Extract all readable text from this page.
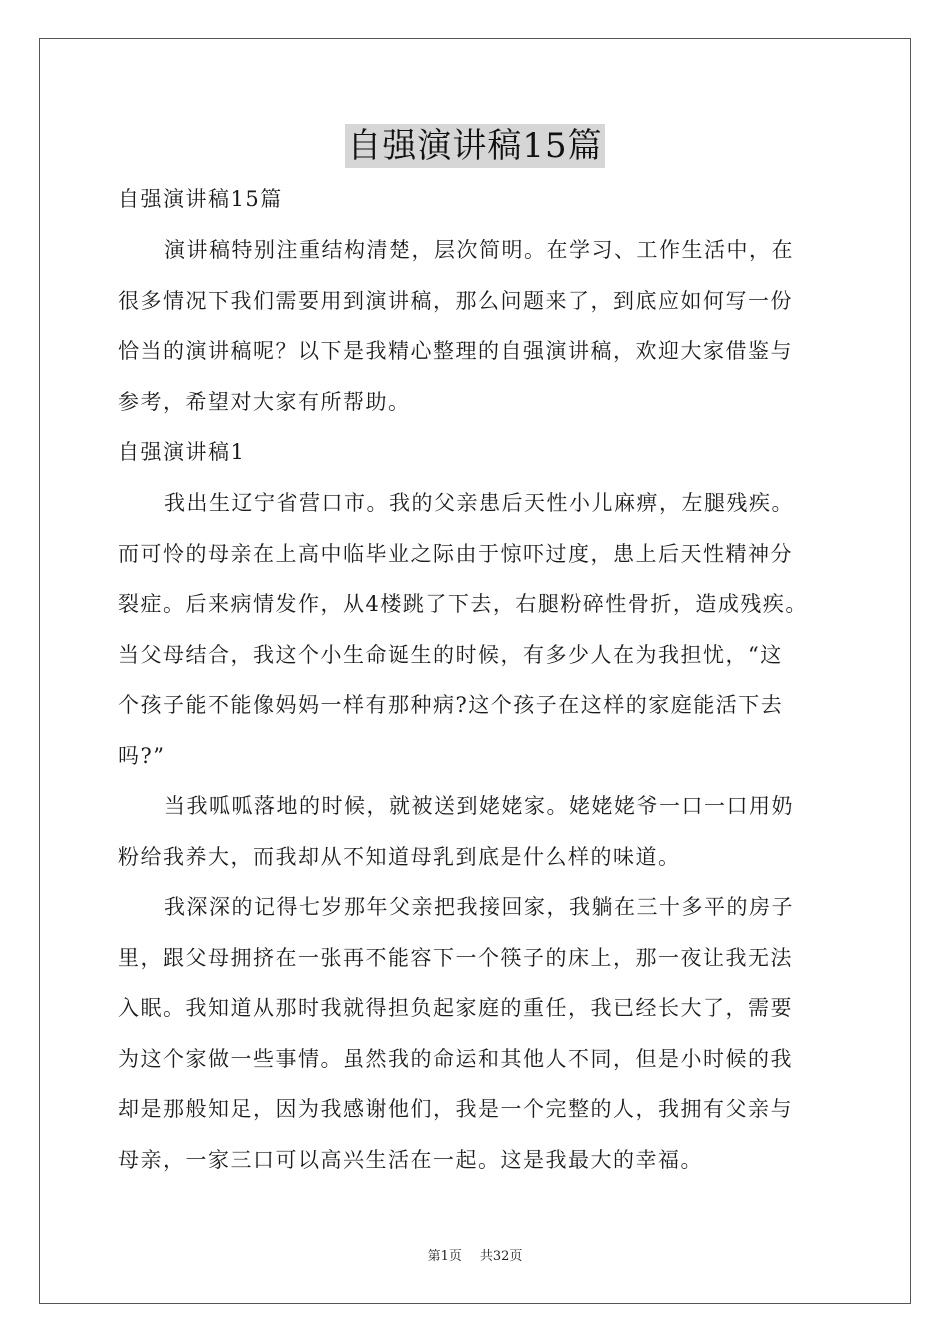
自强演讲稿15篇
自强演讲稿15篇
演讲稿特别注重结构清楚，层次简明。在学习、工作生活中，在
很多情况下我们需要用到演讲稿，那么问题来了，到底应如何写一份
恰当的演讲稿呢？以下是我精心整理的自强演讲稿，欢迎大家借鉴与
参考，希望对大家有所帮助。
自强演讲稿1
我出生辽宁省营口市。我的父亲患后天性小儿麻痹，左腿残疾。
而可怜的母亲在上高中临毕业之际由于惊吓过度，患上后天性精神分
裂症。后来病情发作，从4楼跳了下去，右腿粉碎性骨折，造成残疾。
当父母结合，我这个小生命诞生的时候，有多少人在为我担忧，“这
个孩子能不能像妈妈一样有那种病?这个孩子在这样的家庭能活下去
吗?”
当我呱呱落地的时候，就被送到姥姥家。姥姥姥爷一口一口用奶
粉给我养大，而我却从不知道母乳到底是什么样的味道。
我深深的记得七岁那年父亲把我接回家，我躺在三十多平的房子
里，跟父母拥挤在一张再不能容下一个筷子的床上，那一夜让我无法
入眠。我知道从那时我就得担负起家庭的重任，我已经长大了，需要
为这个家做一些事情。虽然我的命运和其他人不同，但是小时候的我
却是那般知足，因为我感谢他们，我是一个完整的人，我拥有父亲与
母亲，一家三口可以高兴生活在一起。这是我最大的幸福。
第1页 共32页
